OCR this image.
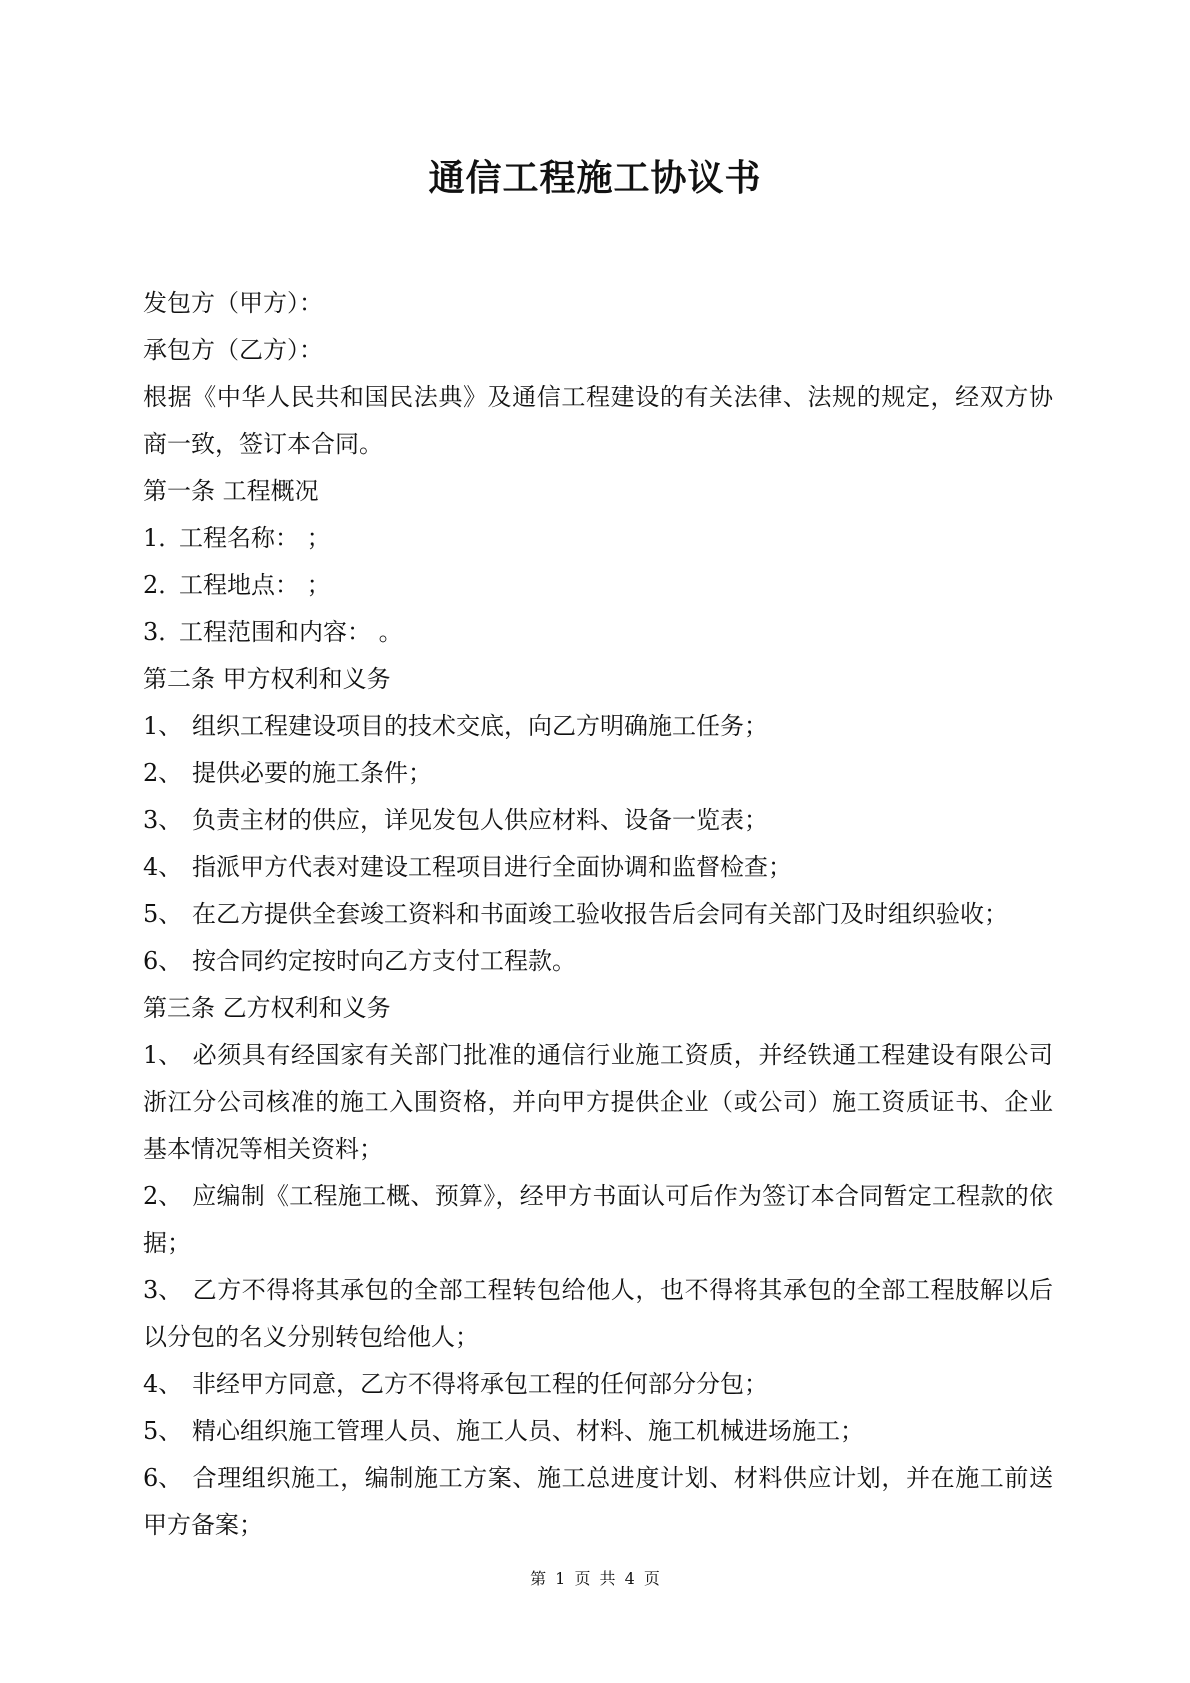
通信工程施工协议书
发包方（甲方）：
承包方（乙方）：
根据《中华人民共和国民法典》及通信工程建设的有关法律、法规的规定，经双方协商一致，签订本合同。
第一条 工程概况
1．
工程名称： ；
2．
工程地点： ；
3．
工程范围和内容： 。
第二条 甲方权利和义务
1、 组织工程建设项目的技术交底，向乙方明确施工任务；
2、 提供必要的施工条件；
3、 负责主材的供应，详见发包人供应材料、设备一览表；
4、 指派甲方代表对建设工程项目进行全面协调和监督检查；
5、 在乙方提供全套竣工资料和书面竣工验收报告后会同有关部门及时组织验收；
6、 按合同约定按时向乙方支付工程款。
第三条 乙方权利和义务
1、 必须具有经国家有关部门批准的通信行业施工资质，并经铁通工程建设有限公司浙江分公司核准的施工入围资格，并向甲方提供企业（或公司）施工资质证书、企业基本情况等相关资料；
2、 应编制《工程施工概、预算》，经甲方书面认可后作为签订本合同暂定工程款的依据；
3、 乙方不得将其承包的全部工程转包给他人，也不得将其承包的全部工程肢解以后以分包的名义分别转包给他人；
4、 非经甲方同意，乙方不得将承包工程的任何部分分包；
5、 精心组织施工管理人员、施工人员、材料、施工机械进场施工；
6、 合理组织施工，编制施工方案、施工总进度计划、材料供应计划，并在施工前送甲方备案；
第 1 页 共 4 页
